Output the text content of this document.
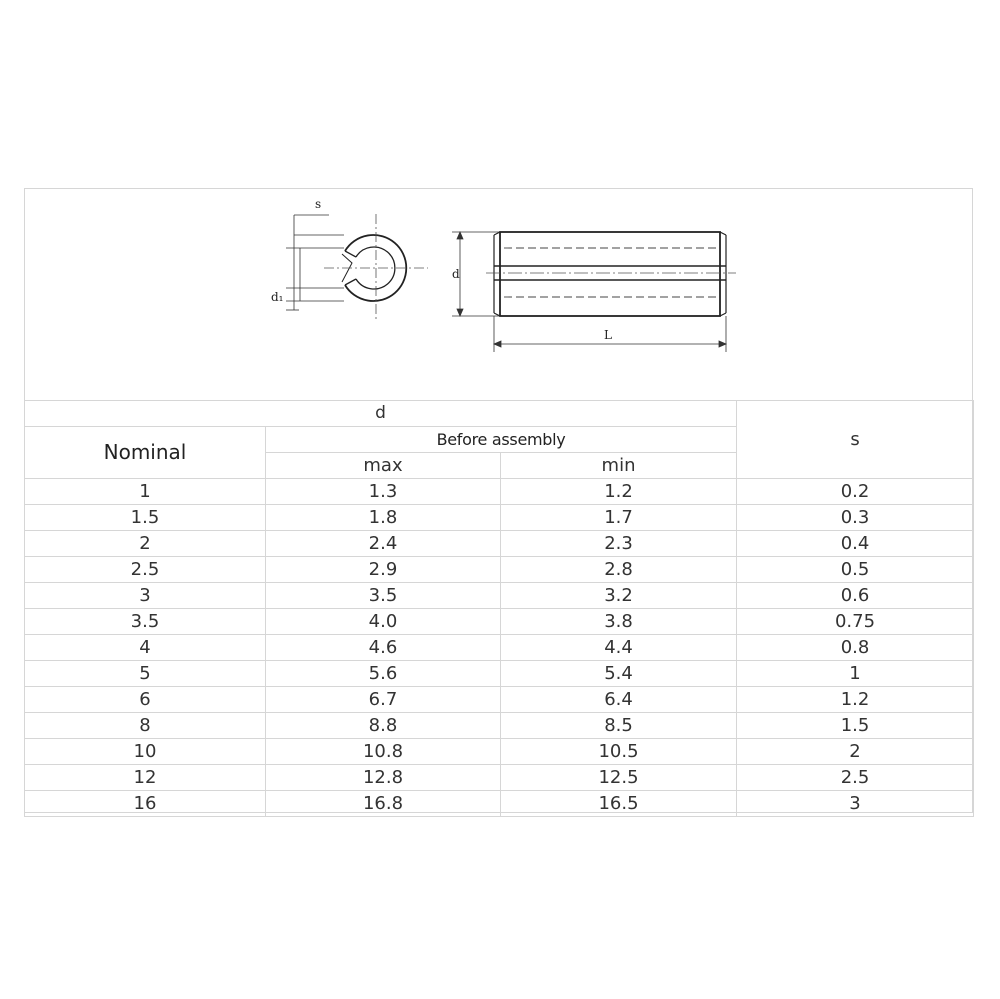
s
d₁
d
L
d			s
Nominal	Before assembly		
	max	min	
1	1.3	1.2	0.2
1.5	1.8	1.7	0.3
2	2.4	2.3	0.4
2.5	2.9	2.8	0.5
3	3.5	3.2	0.6
3.5	4.0	3.8	0.75
4	4.6	4.4	0.8
5	5.6	5.4	1
6	6.7	6.4	1.2
8	8.8	8.5	1.5
10	10.8	10.5	2
12	12.8	12.5	2.5
16	16.8	16.5	3
